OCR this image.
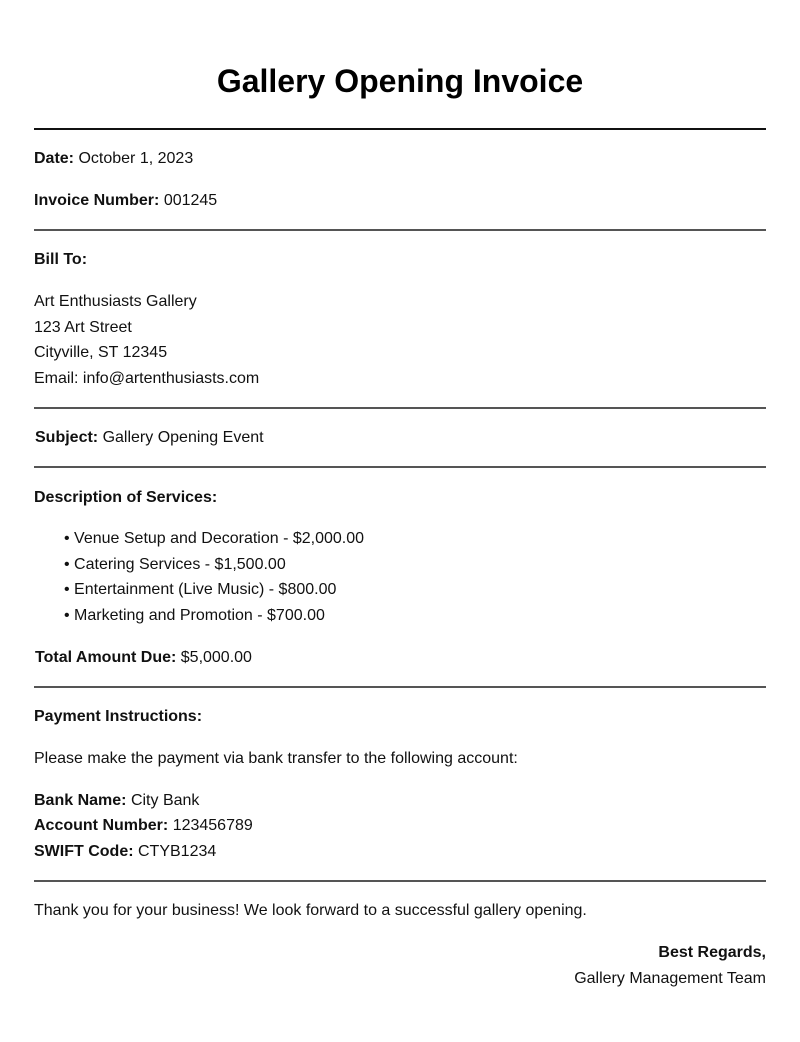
Gallery Opening Invoice
Date: October 1, 2023
Invoice Number: 001245
Bill To:
Art Enthusiasts Gallery
123 Art Street
Cityville, ST 12345
Email: info@artenthusiasts.com
Subject: Gallery Opening Event
Description of Services:
• Venue Setup and Decoration - $2,000.00
• Catering Services - $1,500.00
• Entertainment (Live Music) - $800.00
• Marketing and Promotion - $700.00
Total Amount Due: $5,000.00
Payment Instructions:
Please make the payment via bank transfer to the following account:
Bank Name: City Bank
Account Number: 123456789
SWIFT Code: CTYB1234
Thank you for your business! We look forward to a successful gallery opening.
Best Regards,
Gallery Management Team
